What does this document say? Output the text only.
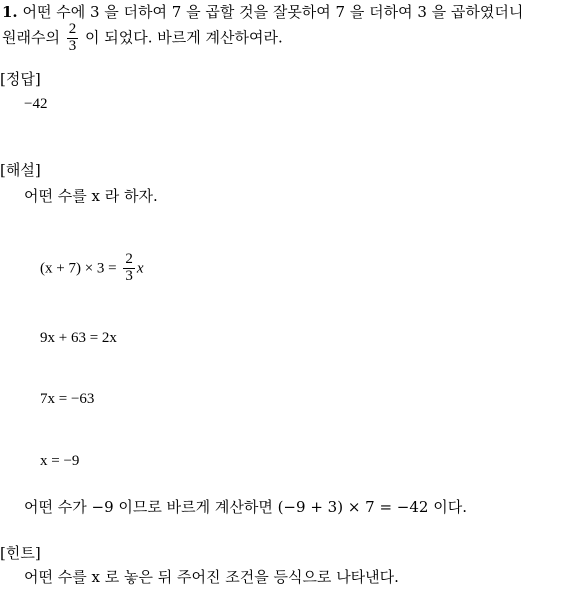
1. 어떤 수에 3 을 더하여 7 을 곱할 것을 잘못하여 7 을 더하여 3 을 곱하였더니
원래수의 $\frac{2}{3}$ 이 되었다. 바르게 계산하여라.
[정답]
−42
[해설]
어떤 수를 x 라 하자.
$(x + 7) \times 3 = \frac{2}{3}$ x
9x + 63 = 2x
7x = −63
x = −9
어떤 수가 −9 이므로 바르게 계산하면 (−9 + 3) × 7 = −42 이다.
[힌트]
어떤 수를 x 로 놓은 뒤 주어진 조건을 등식으로 나타낸다.
